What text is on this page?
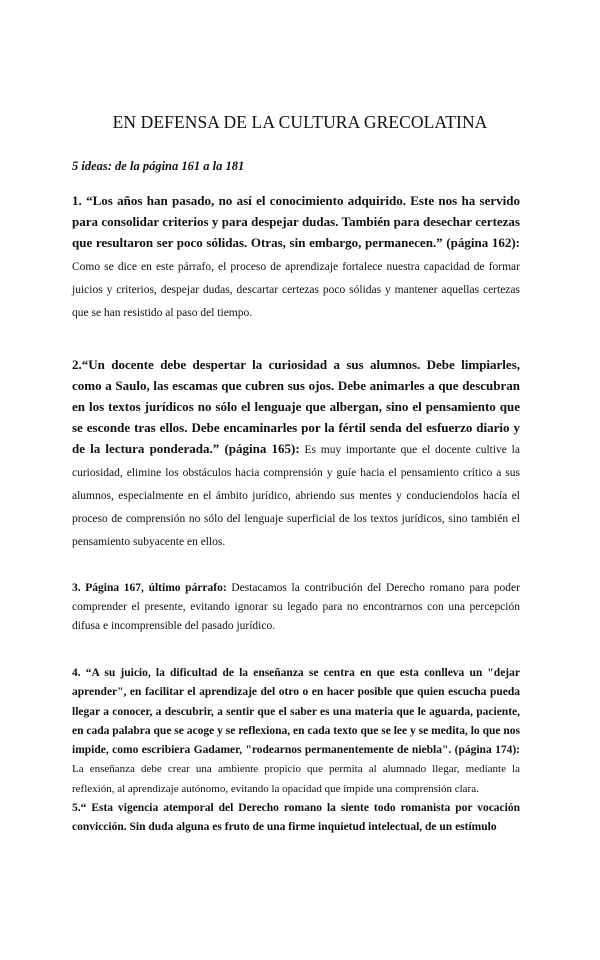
EN DEFENSA DE LA CULTURA GRECOLATINA

5 ideas: de la página 161 a la 181

1. “Los años han pasado, no así el conocimiento adquirido. Este nos ha servido para consolidar criterios y para despejar dudas. También para desechar certezas que resultaron ser poco sólidas. Otras, sin embargo, permanecen.” (página 162): Como se dice en este párrafo, el proceso de aprendizaje fortalece nuestra capacidad de formar juicios y criterios, despejar dudas, descartar certezas poco sólidas y mantener aquellas certezas que se han resistido al paso del tiempo.

2.“Un docente debe despertar la curiosidad a sus alumnos. Debe limpiarles, como a Saulo, las escamas que cubren sus ojos. Debe animarles a que descubran en los textos jurídicos no sólo el lenguaje que albergan, sino el pensamiento que se esconde tras ellos. Debe encaminarles por la fértil senda del esfuerzo diario y de la lectura ponderada.” (página 165): Es muy importante que el docente cultive la curiosidad, elimine los obstáculos hacia comprensión y guíe hacia el pensamiento crítico a sus alumnos, especialmente en el ámbito jurídico, abriendo sus mentes y conduciendolos hacía el proceso de comprensión no sólo del lenguaje superficial de los textos jurídicos, sino también el pensamiento subyacente en ellos.

3. Página 167, último párrafo: Destacamos la contribución del Derecho romano para poder comprender el presente, evitando ignorar su legado para no encontrarnos con una percepción difusa e incomprensible del pasado jurídico.

4. “A su juicio, la dificultad de la enseñanza se centra en que esta conlleva un "dejar aprender", en facilitar el aprendizaje del otro o en hacer posible que quien escucha pueda llegar a conocer, a descubrir, a sentir que el saber es una materia que le aguarda, paciente, en cada palabra que se acoge y se reflexiona, en cada texto que se lee y se medita, lo que nos impide, como escribiera Gadamer, "rodearnos permanentemente de niebla". (página 174): La enseñanza debe crear una ambiente propicio que permita al alumnado llegar, mediante la reflexión, al aprendizaje autónomo, evitando la opacidad que impide una comprensión clara.

5.“ Esta vigencia atemporal del Derecho romano la siente todo romanista por vocación convicción. Sin duda alguna es fruto de una firme inquietud intelectual, de un estímulo
